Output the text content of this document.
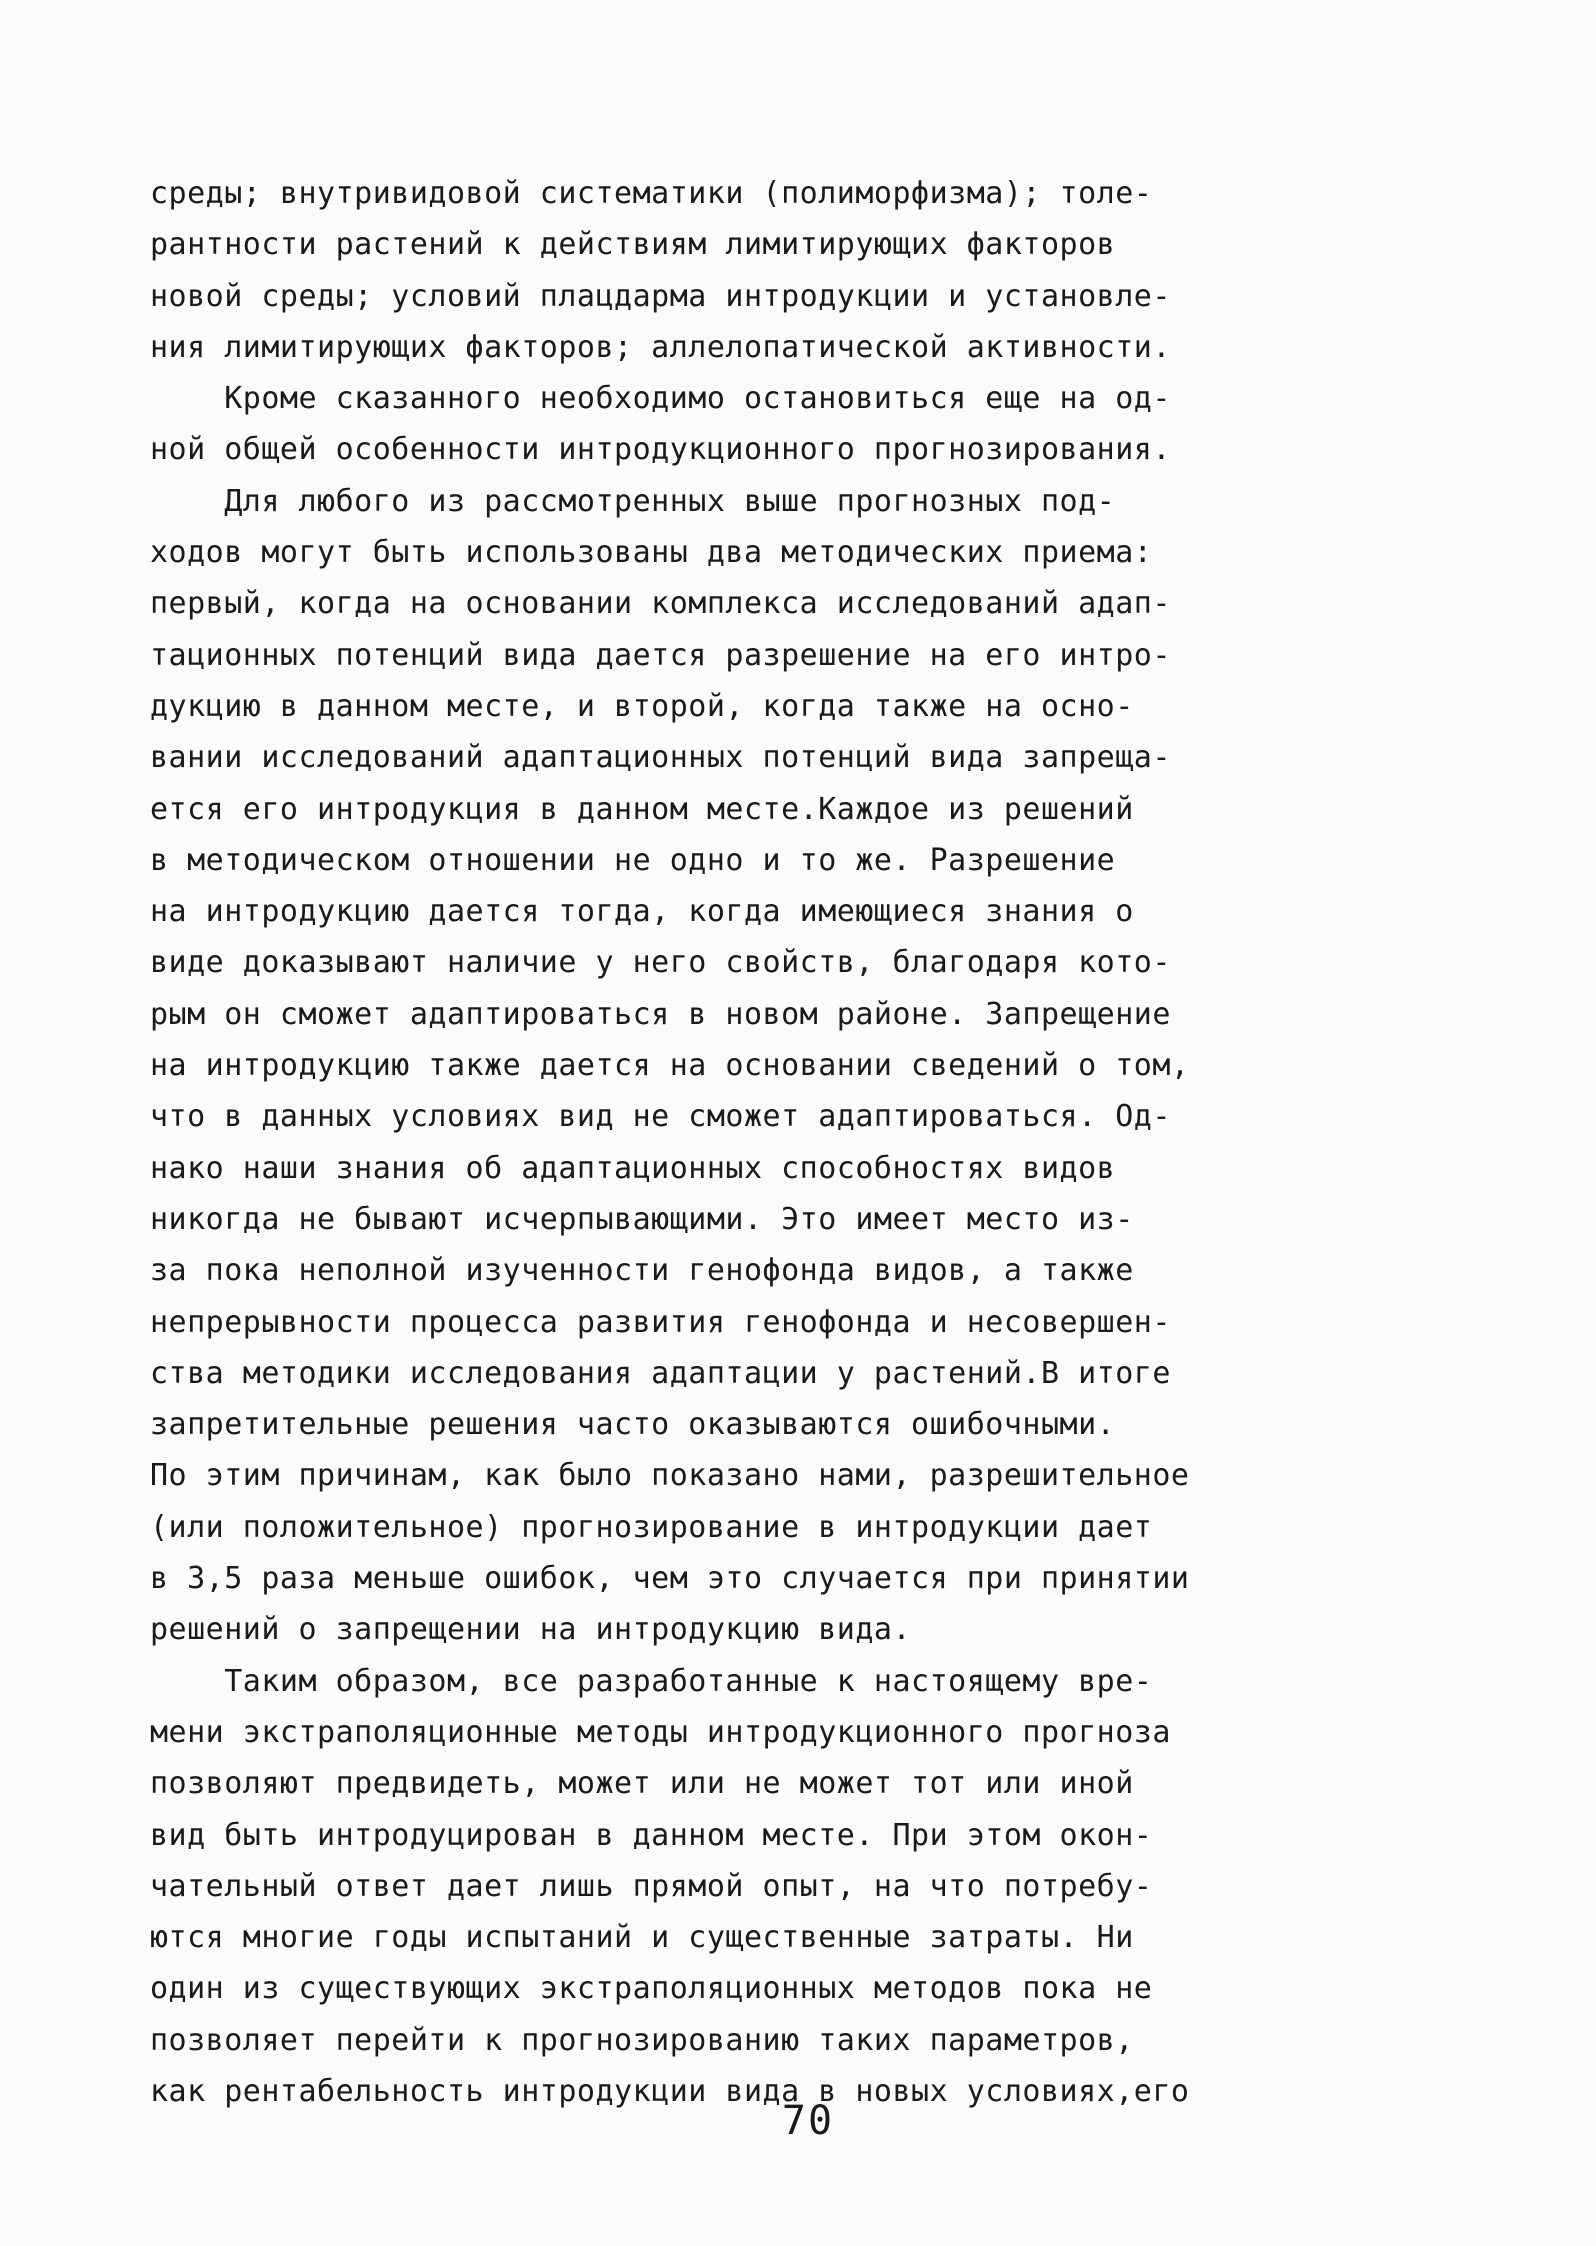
среды; внутривидовой систематики (полиморфизма); толе-
рантности растений к действиям лимитирующих факторов
новой среды; условий плацдарма интродукции и установле-
ния лимитирующих факторов; аллелопатической активности.
Кроме сказанного необходимо остановиться еще на од-
ной общей особенности интродукционного прогнозирования.
Для любого из рассмотренных выше прогнозных под-
ходов могут быть использованы два методических приема:
первый, когда на основании комплекса исследований адап-
тационных потенций вида дается разрешение на его интро-
дукцию в данном месте, и второй, когда также на осно-
вании исследований адаптационных потенций вида запреща-
ется его интродукция в данном месте.Каждое из решений
в методическом отношении не одно и то же. Разрешение
на интродукцию дается тогда, когда имеющиеся знания о
виде доказывают наличие у него свойств, благодаря кото-
рым он сможет адаптироваться в новом районе. Запрещение
на интродукцию также дается на основании сведений о том,
что в данных условиях вид не сможет адаптироваться. Од-
нако наши знания об адаптационных способностях видов
никогда не бывают исчерпывающими. Это имеет место из-
за пока неполной изученности генофонда видов, а также
непрерывности процесса развития генофонда и несовершен-
ства методики исследования адаптации у растений.В итоге
запретительные решения часто оказываются ошибочными.
По этим причинам, как было показано нами, разрешительное
(или положительное) прогнозирование в интродукции дает
в 3,5 раза меньше ошибок, чем это случается при принятии
решений о запрещении на интродукцию вида.
Таким образом, все разработанные к настоящему вре-
мени экстраполяционные методы интродукционного прогноза
позволяют предвидеть, может или не может тот или иной
вид быть интродуцирован в данном месте. При этом окон-
чательный ответ дает лишь прямой опыт, на что потребу-
ются многие годы испытаний и существенные затраты. Ни
один из существующих экстраполяционных методов пока не
позволяет перейти к прогнозированию таких параметров,
как рентабельность интродукции вида в новых условиях,его
70
